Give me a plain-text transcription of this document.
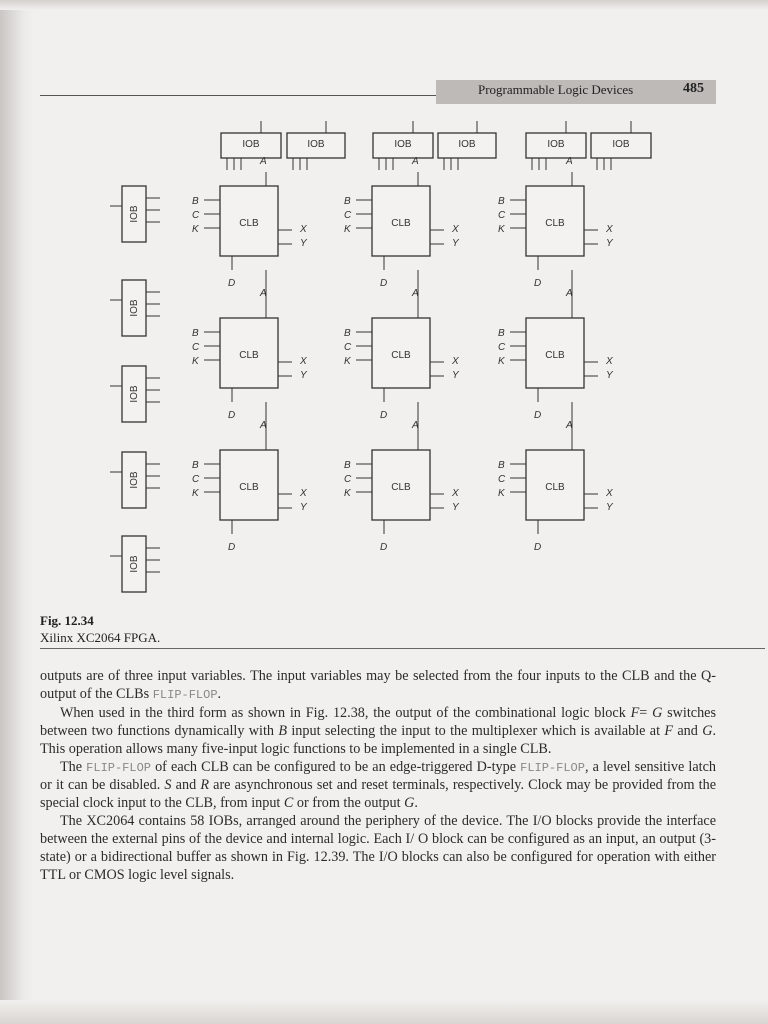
Programmable Logic Devices	485
IOB	IOB	IOB	IOB	IOB	IOB
IOB
IOB
IOB
IOB
IOB
CLB
B
C
K
A
X
Y
D
CLB
B
C
K
A
X
Y
D
CLB
B
C
K
A
X
Y
D
CLB
B
C
K
A
X
Y
D
CLB
B
C
K
A
X
Y
D
CLB
B
C
K
A
X
Y
D
CLB
B
C
K
A
X
Y
D
CLB
B
C
K
A
X
Y
D
CLB
B
C
K
A
X
Y
D
Fig. 12.34
Xilinx XC2064 FPGA.

outputs are of three input variables. The input variables may be selected from the four inputs to the CLB and the Q-output of the CLBs FLIP-FLOP.

When used in the third form as shown in Fig. 12.38, the output of the combinational logic block F= G switches between two functions dynamically with B input selecting the input to the multiplexer which is available at F and G. This operation allows many five-input logic functions to be implemented in a single CLB.

The FLIP-FLOP of each CLB can be configured to be an edge-triggered D-type FLIP-FLOP, a level sensitive latch or it can be disabled. S and R are asynchronous set and reset terminals, respectively. Clock may be provided from the special clock input to the CLB, from input C or from the output G.

The XC2064 contains 58 IOBs, arranged around the periphery of the device. The I/O blocks provide the interface between the external pins of the device and internal logic. Each I/ O block can be configured as an input, an output (3-state) or a bidirectional buffer as shown in Fig. 12.39. The I/O blocks can also be configured for operation with either TTL or CMOS logic level signals.
